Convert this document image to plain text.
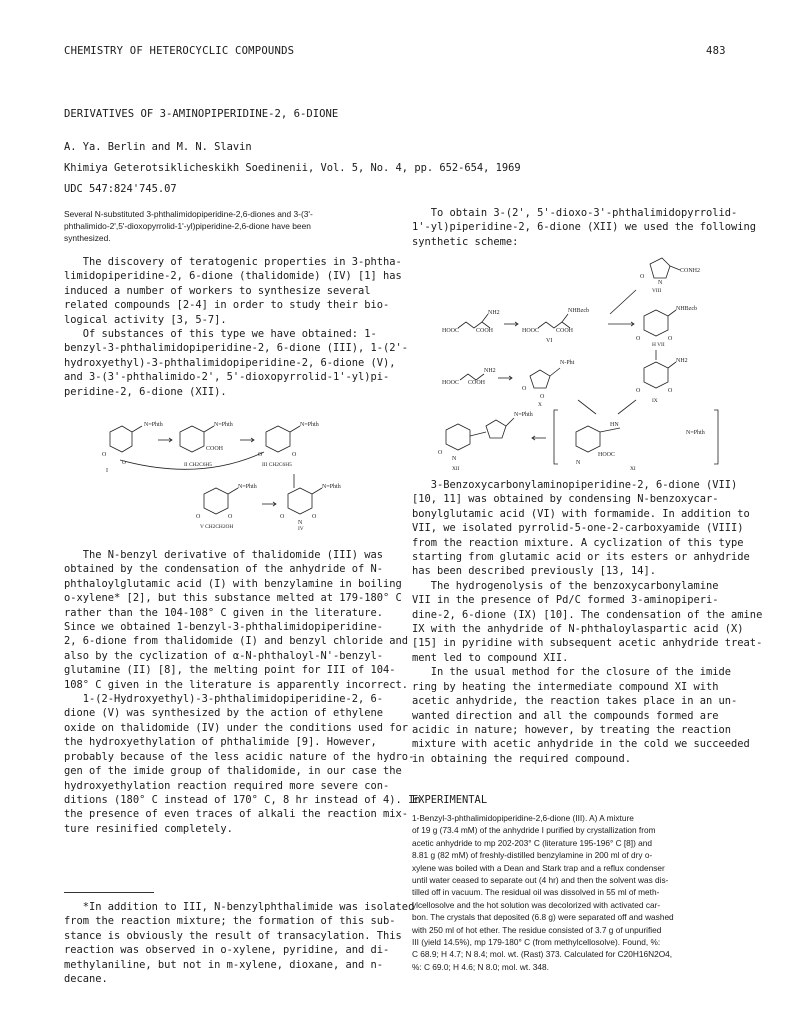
CHEMISTRY OF HETEROCYCLIC COMPOUNDS	483
DERIVATIVES OF 3-AMINOPIPERIDINE-2, 6-DIONE
A. Ya. Berlin and M. N. Slavin
Khimiya Geterotsiklicheskikh Soedinenii, Vol. 5, No. 4, pp. 652-654, 1969
UDC 547:824'745.07
Several N-substituted 3-phthalimidopiperidine-2,6-diones and 3-(3'-
phthalimido-2',5'-dioxopyrrolid-1'-yl)piperidine-2,6-dione have been
synthesized.
The discovery of teratogenic properties in 3-phtha-
limidopiperidine-2, 6-dione (thalidomide) (IV) [1] has
induced a number of workers to synthesize several
related compounds [2-4] in order to study their bio-
logical activity [3, 5-7].
Of substances of this type we have obtained: 1-
benzyl-3-phthalimidopiperidine-2, 6-dione (III), 1-(2'-
hydroxyethyl)-3-phthalimidopiperidine-2, 6-dione (V),
and 3-(3'-phthalimido-2', 5'-dioxopyrrolid-1'-yl)pi-
peridine-2, 6-dione (XII).
N=Phth
O
O
I
N=Phth
COOH
II CH2C6H5
N=Phth
O	O
III CH2C6H5
N=Phth
O	O
V CH2CH2OH
N=Phth
O	O
N
IV
The N-benzyl derivative of thalidomide (III) was
obtained by the condensation of the anhydride of N-
phthaloylglutamic acid (I) with benzylamine in boiling
o-xylene* [2], but this substance melted at 179-180° C
rather than the 104-108° C given in the literature.
Since we obtained 1-benzyl-3-phthalimidopiperidine-
2, 6-dione from thalidomide (I) and benzyl chloride and
also by the cyclization of α-N-phthaloyl-N'-benzyl-
glutamine (II) [8], the melting point for III of 104-
108° C given in the literature is apparently incorrect.
1-(2-Hydroxyethyl)-3-phthalimidopiperidine-2, 6-
dione (V) was synthesized by the action of ethylene
oxide on thalidomide (IV) under the conditions used for
the hydroxyethylation of phthalimide [9]. However,
probably because of the less acidic nature of the hydro-
gen of the imide group of thalidomide, in our case the
hydroxyethylation reaction required more severe con-
ditions (180° C instead of 170° C, 8 hr instead of 4). In
the presence of even traces of alkali the reaction mix-
ture resinified completely.
*In addition to III, N-benzylphthalimide was isolated
from the reaction mixture; the formation of this sub-
stance is obviously the result of transacylation. This
reaction was observed in o-xylene, pyridine, and di-
methylaniline, but not in m-xylene, dioxane, and n-
decane.
To obtain 3-(2', 5'-dioxo-3'-phthalimidopyrrolid-
1'-yl)piperidine-2, 6-dione (XII) we used the following
synthetic scheme:
O
CONH2
N
VIII
NH2
HOOC	COOH
NHBzcb
HOOC	COOH
VI
NHBzcb
O	O
H VII
NH2
HOOC COOH
N-Pht
O
O
X
NH2
O	O
IX
N=Phth
O
N
XII
HN
HOOC
N=Phth
N
XI
3-Benzoxycarbonylaminopiperidine-2, 6-dione (VII)
[10, 11] was obtained by condensing N-benzoxycar-
bonylglutamic acid (VI) with formamide. In addition to
VII, we isolated pyrrolid-5-one-2-carboxyamide (VIII)
from the reaction mixture. A cyclization of this type
starting from glutamic acid or its esters or anhydride
has been described previously [13, 14].
The hydrogenolysis of the benzoxycarbonylamine
VII in the presence of Pd/C formed 3-aminopiperi-
dine-2, 6-dione (IX) [10]. The condensation of the amine
IX with the anhydride of N-phthaloylaspartic acid (X)
[15] in pyridine with subsequent acetic anhydride treat-
ment led to compound XII.
In the usual method for the closure of the imide
ring by heating the intermediate compound XI with
acetic anhydride, the reaction takes place in an un-
wanted direction and all the compounds formed are
acidic in nature; however, by treating the reaction
mixture with acetic anhydride in the cold we succeeded
in obtaining the required compound.
EXPERIMENTAL
1-Benzyl-3-phthalimidopiperidine-2,6-dione (III). A) A mixture
of 19 g (73.4 mM) of the anhydride I purified by crystallization from
acetic anhydride to mp 202-203° C (literature 195-196° C [8]) and
8.81 g (82 mM) of freshly-distilled benzylamine in 200 ml of dry o-
xylene was boiled with a Dean and Stark trap and a reflux condenser
until water ceased to separate out (4 hr) and then the solvent was dis-
tilled off in vacuum. The residual oil was dissolved in 55 ml of meth-
ylcellosolve and the hot solution was decolorized with activated car-
bon. The crystals that deposited (6.8 g) were separated off and washed
with 250 ml of hot ether. The residue consisted of 3.7 g of unpurified
III (yield 14.5%), mp 179-180° C (from methylcellosolve). Found, %:
C 68.9; H 4.7; N 8.4; mol. wt. (Rast) 373. Calculated for C20H16N2O4,
%: C 69.0; H 4.6; N 8.0; mol. wt. 348.
